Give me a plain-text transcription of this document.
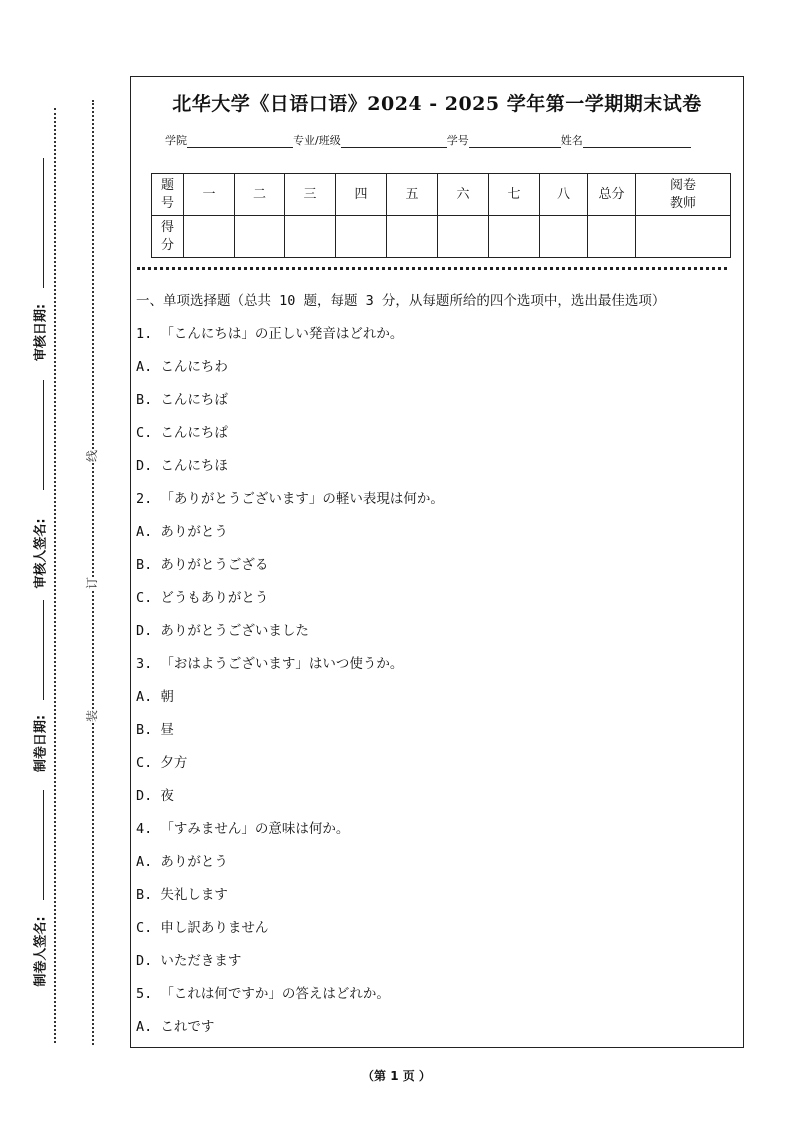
审核日期:
审核人签名:
制卷日期:
制卷人签名:
线
订
装
北华大学《日语口语》2024 - 2025 学年第一学期期末试卷
学院	专业/班级	学号	姓名
题号	一	二	三	四	五	六	七	八	总分	阅卷教师
得分										
一、单项选择题（总共 10 题，每题 3 分，从每题所给的四个选项中，选出最佳选项）
1. 「こんにちは」の正しい発音はどれか。
A. こんにちわ
B. こんにちば
C. こんにちぱ
D. こんにちほ
2. 「ありがとうございます」の軽い表現は何か。
A. ありがとう
B. ありがとうござる
C. どうもありがとう
D. ありがとうございました
3. 「おはようございます」はいつ使うか。
A. 朝
B. 昼
C. 夕方
D. 夜
4. 「すみません」の意味は何か。
A. ありがとう
B. 失礼します
C. 申し訳ありません
D. いただきます
5. 「これは何ですか」の答えはどれか。
A. これです
（第 1 页 ）
